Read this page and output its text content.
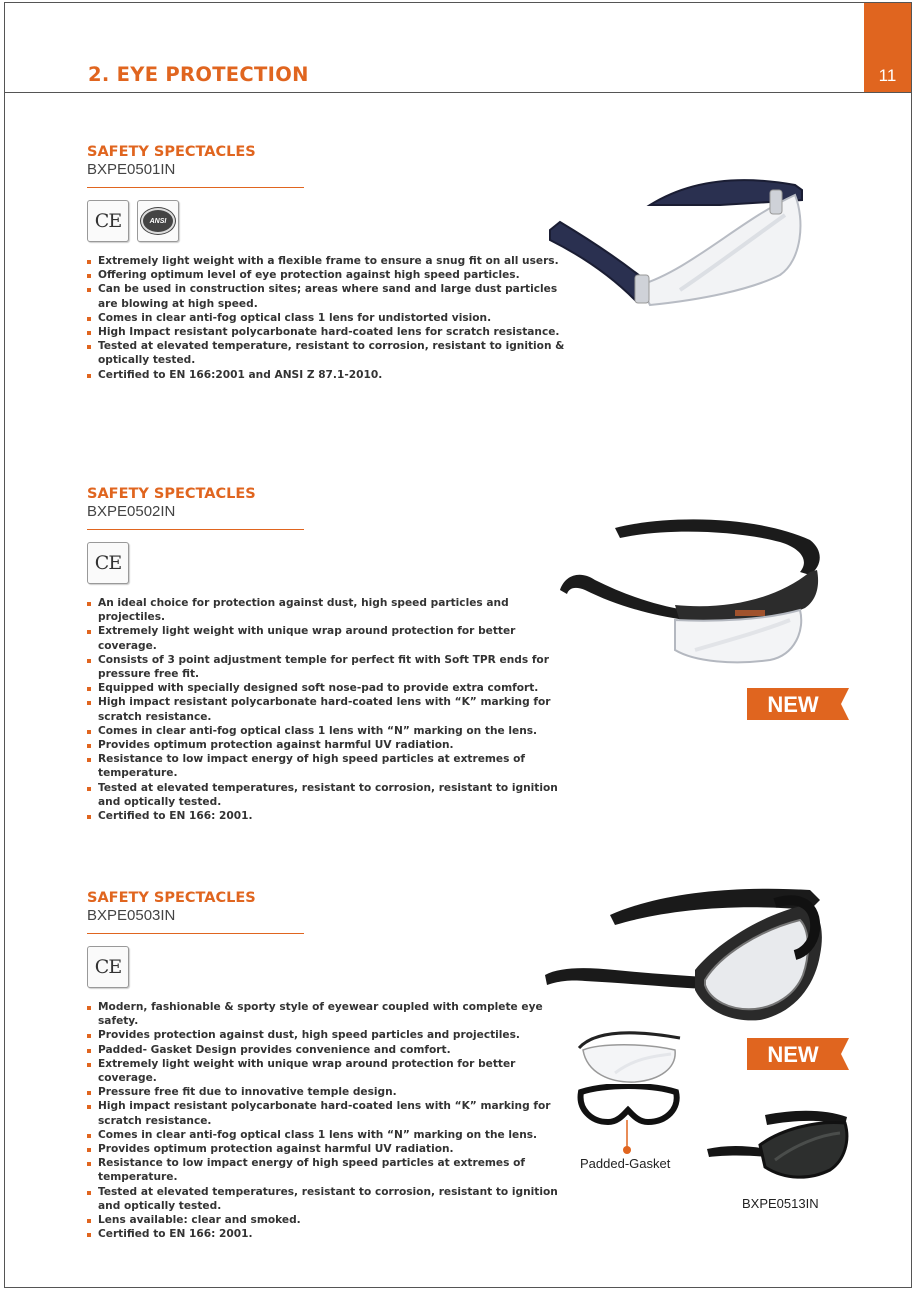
11
2. EYE PROTECTION
SAFETY SPECTACLES
BXPE0501IN
CE	ANSI
Extremely light weight with a flexible frame to ensure a snug fit on all users.
Offering optimum level of eye protection against high speed particles.
Can be used in construction sites; areas where sand and large dust particles are blowing at high speed.
Comes in clear anti-fog optical class 1 lens for undistorted vision.
High Impact resistant polycarbonate hard-coated lens for scratch resistance.
Tested at elevated temperature, resistant to corrosion, resistant to ignition & optically tested.
Certified to EN 166:2001 and ANSI Z 87.1-2010.
SAFETY SPECTACLES
BXPE0502IN
CE
An ideal choice for protection against dust, high speed particles and projectiles.
Extremely light weight with unique wrap around protection for better coverage.
Consists of 3 point adjustment temple for perfect fit with Soft TPR ends for pressure free fit.
Equipped with specially designed soft nose-pad to provide extra comfort.
High impact resistant polycarbonate hard-coated lens with “K” marking for scratch resistance.
Comes in clear anti-fog optical class 1 lens with “N” marking on the lens.
Provides optimum protection against harmful UV radiation.
Resistance to low impact energy of high speed particles at extremes of temperature.
Tested at elevated temperatures, resistant to corrosion, resistant to ignition and optically tested.
Certified to EN 166: 2001.
SAFETY SPECTACLES
BXPE0503IN
CE
Modern, fashionable & sporty style of eyewear coupled with complete eye safety.
Provides protection against dust, high speed particles and projectiles.
Padded- Gasket Design provides convenience and comfort.
Extremely light weight with unique wrap around protection for better coverage.
Pressure free fit due to innovative temple design.
High impact resistant polycarbonate hard-coated lens with “K” marking for scratch resistance.
Comes in clear anti-fog optical class 1 lens with “N” marking on the lens.
Provides optimum protection against harmful UV radiation.
Resistance to low impact energy of high speed particles at extremes of temperature.
Tested at elevated temperatures, resistant to corrosion, resistant to ignition and optically tested.
Lens available: clear and smoked.
Certified to EN 166: 2001.
NEW
NEW
Padded-Gasket
BXPE0513IN
